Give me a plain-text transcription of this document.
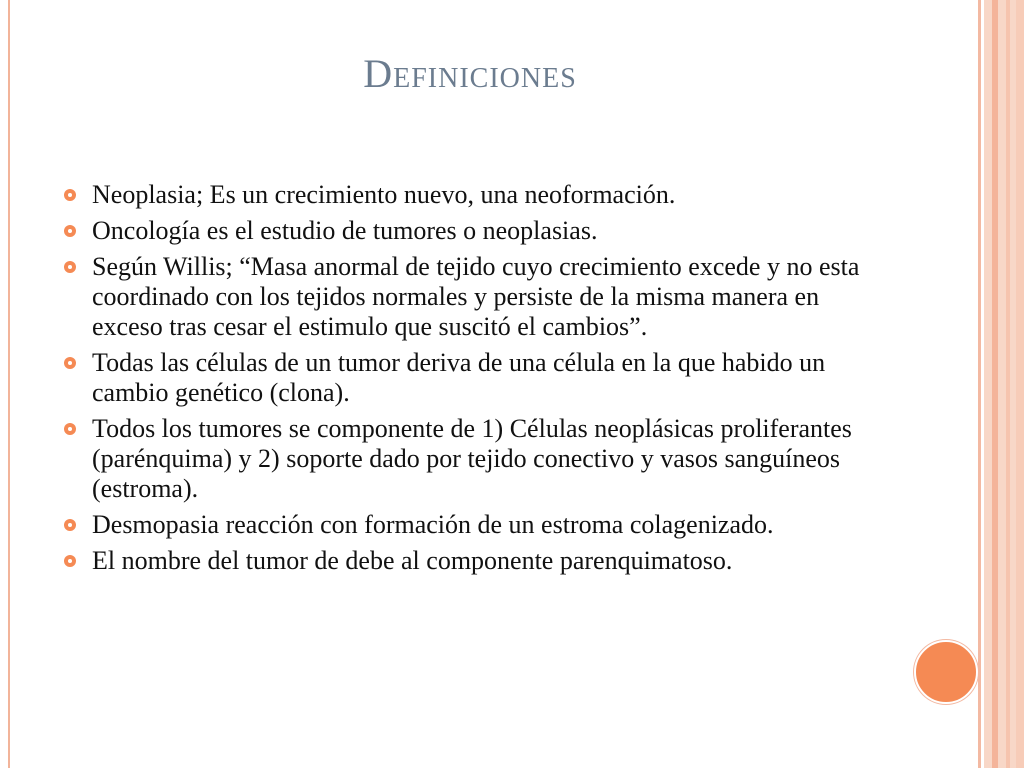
Definiciones
Neoplasia; Es un crecimiento nuevo, una neoformación.
Oncología es el estudio de tumores o neoplasias.
Según Willis; “Masa anormal de tejido cuyo crecimiento excede y no esta coordinado con los tejidos normales y persiste de la misma manera en exceso tras cesar el estimulo que suscitó el cambios”.
Todas las células de un tumor deriva de una célula en la que habido un cambio genético (clona).
Todos los tumores se componente de 1) Células neoplásicas proliferantes (parénquima) y 2) soporte dado por tejido conectivo y vasos sanguíneos (estroma).
Desmopasia reacción con formación de un estroma colagenizado.
El nombre del tumor de debe al componente parenquimatoso.
